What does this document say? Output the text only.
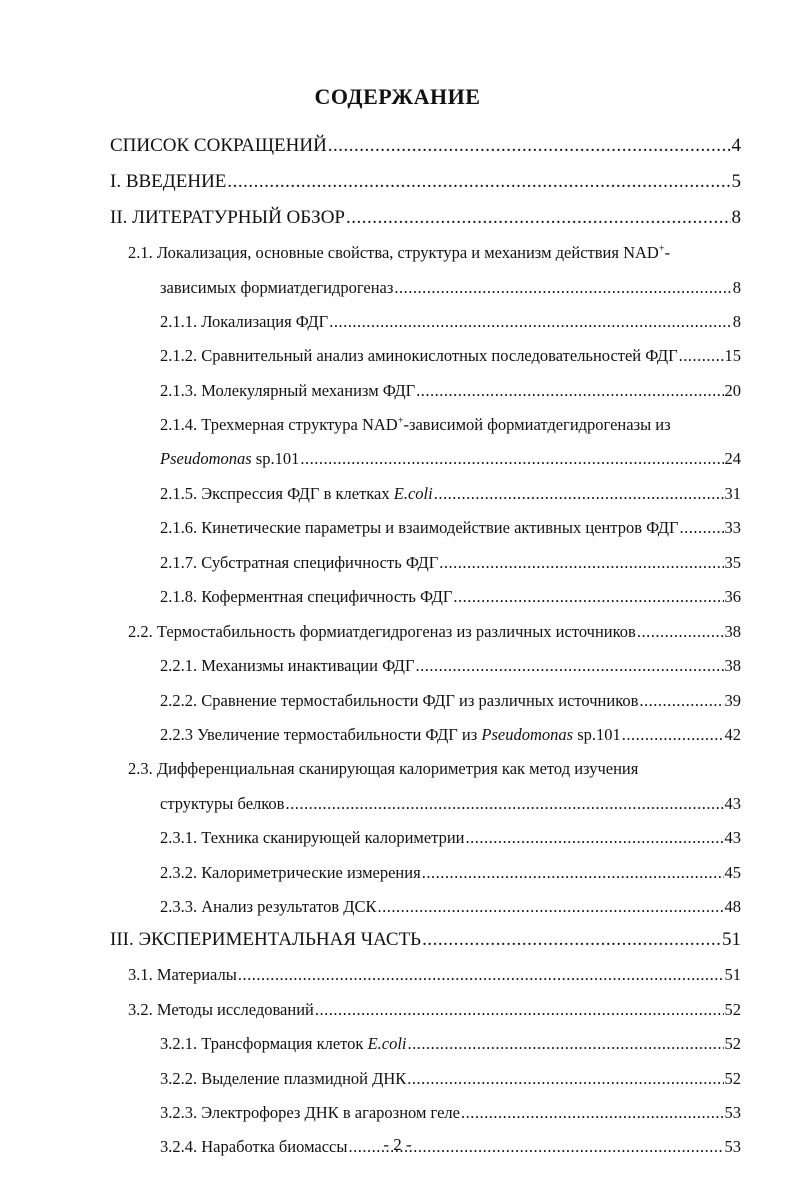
СОДЕРЖАНИЕ
СПИСОК СОКРАЩЕНИЙ .....	4
I. ВВЕДЕНИЕ .....	5
II. ЛИТЕРАТУРНЫЙ ОБЗОР .....	8
2.1. Локализация, основные свойства, структура и механизм действия NAD+-
зависимых формиатдегидрогеназ .....	8
2.1.1. Локализация ФДГ .....	8
2.1.2. Сравнительный анализ аминокислотных последовательностей ФДГ .....	15
2.1.3. Молекулярный механизм ФДГ .....	20
2.1.4. Трехмерная структура NAD+-зависимой формиатдегидрогеназы из
Pseudomonas sp.101 .....	24
2.1.5. Экспрессия ФДГ в клетках E.coli .....	31
2.1.6. Кинетические параметры и взаимодействие активных центров ФДГ .....	33
2.1.7. Субстратная специфичность ФДГ .....	35
2.1.8. Коферментная специфичность ФДГ .....	36
2.2. Термостабильность формиатдегидрогеназ из различных источников .....	38
2.2.1. Механизмы инактивации ФДГ .....	38
2.2.2. Сравнение термостабильности ФДГ из различных источников .....	39
2.2.3 Увеличение термостабильности ФДГ из Pseudomonas sp.101 .....	42
2.3. Дифференциальная сканирующая калориметрия как метод изучения
структуры белков .....	43
2.3.1. Техника сканирующей калориметрии .....	43
2.3.2. Калориметрические измерения .....	45
2.3.3. Анализ результатов ДСК .....	48
III. ЭКСПЕРИМЕНТАЛЬНАЯ ЧАСТЬ .....	51
3.1. Материалы .....	51
3.2. Методы исследований .....	52
3.2.1. Трансформация клеток E.coli .....	52
3.2.2. Выделение плазмидной ДНК .....	52
3.2.3. Электрофорез ДНК в агарозном геле .....	53
3.2.4. Наработка биомассы .....	53
- 2 -
